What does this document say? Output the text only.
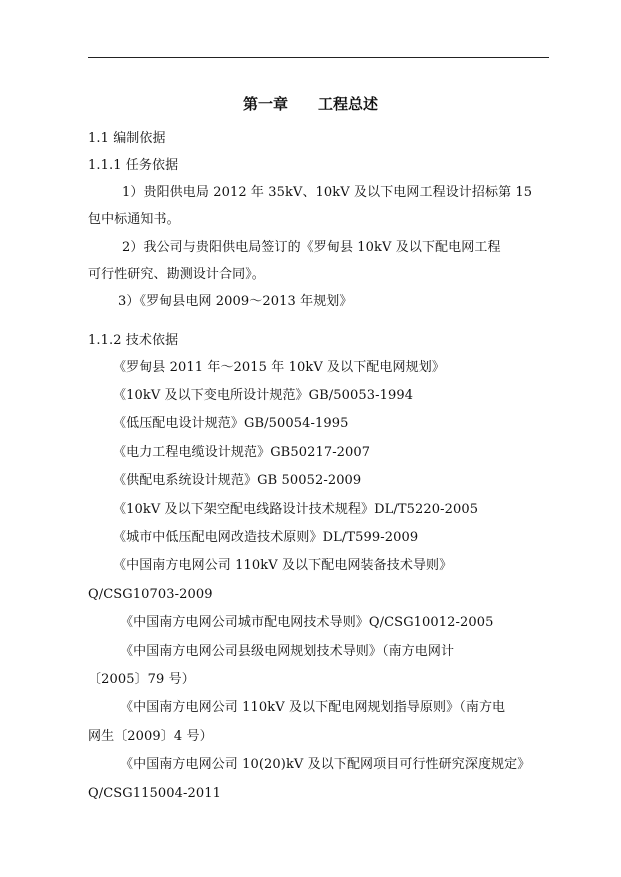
第一章 工程总述
1.1 编制依据
1.1.1 任务依据
1）贵阳供电局 2012 年 35kV、10kV 及以下电网工程设计招标第 15
包中标通知书。
2）我公司与贵阳供电局签订的《罗甸县 10kV 及以下配电网工程
可行性研究、勘测设计合同》。
3）《罗甸县电网 2009～2013 年规划》
1.1.2 技术依据
《罗甸县 2011 年～2015 年 10kV 及以下配电网规划》
《10kV 及以下变电所设计规范》GB/50053-1994
《低压配电设计规范》GB/50054-1995
《电力工程电缆设计规范》GB50217-2007
《供配电系统设计规范》GB 50052-2009
《10kV 及以下架空配电线路设计技术规程》DL/T5220-2005
《城市中低压配电网改造技术原则》DL/T599-2009
《中国南方电网公司 110kV 及以下配电网装备技术导则》
Q/CSG10703-2009
《中国南方电网公司城市配电网技术导则》Q/CSG10012-2005
《中国南方电网公司县级电网规划技术导则》（南方电网计
〔2005〕79 号）
《中国南方电网公司 110kV 及以下配电网规划指导原则》（南方电
网生〔2009〕4 号）
《中国南方电网公司 10(20)kV 及以下配网项目可行性研究深度规定》
Q/CSG115004-2011
